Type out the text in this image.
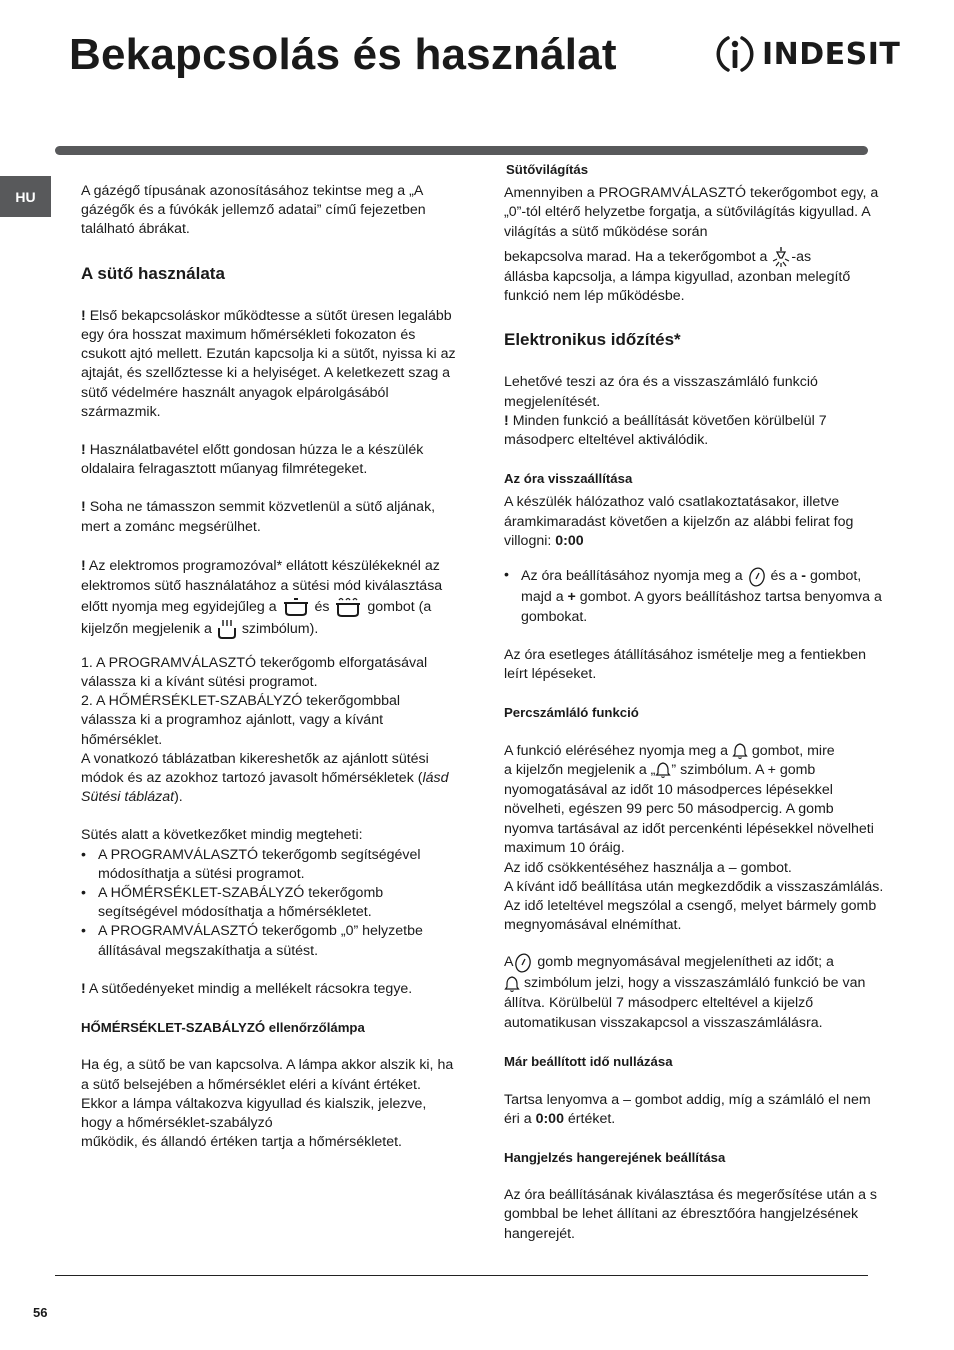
Bekapcsolás és használat	INDESIT
HU	A gázégő típusának azonosításához tekintse meg a „A gázégők és a fúvókák jellemző adatai” című fejezetben található ábrákat.

A sütő használata

! Első bekapcsoláskor működtesse a sütőt üresen legalább egy óra hosszat maximum hőmérsékleti fokozaton és csukott ajtó mellett. Ezután kapcsolja ki a sütőt, nyissa ki az ajtaját, és szellőztesse ki a helyiséget. A keletkezett szag a sütő védelmére használt anyagok elpárolgásából származmik.

! Használatbavétel előtt gondosan húzza le a készülék oldalaira felragasztott műanyag filmrétegeket.

! Soha ne támasszon semmit közvetlenül a sütő aljának, mert a zománc megsérülhet.

! Az elektromos programozóval* ellátott készülékeknél az elektromos sütő használatához a sütési mód kiválasztása előtt nyomja meg egyidejűleg a	és	gombot (a kijelzőn megjelenik a szimbólum).

1. A PROGRAMVÁLASZTÓ tekerőgomb elforgatásával válassza ki a kívánt sütési programot.

2. A HŐMÉRSÉKLET-SZABÁLYZÓ tekerőgombbal válassza ki a programhoz ajánlott, vagy a kívánt hőmérséklet.

A vonatkozó táblázatban kikereshetők az ajánlott sütési módok és az azokhoz tartozó javasolt hőmérsékletek (lásd Sütési táblázat).

Sütés alatt a következőket mindig megteheti:

• A PROGRAMVÁLASZTÓ tekerőgomb segítségével módosíthatja a sütési programot.
• A HŐMÉRSÉKLET-SZABÁLYZÓ tekerőgomb segítségével módosíthatja a hőmérsékletet.
• A PROGRAMVÁLASZTÓ tekerőgomb „0” helyzetbe állításával megszakíthatja a sütést.

! A sütőedényeket mindig a mellékelt rácsokra tegye.

HŐMÉRSÉKLET-SZABÁLYZÓ ellenőrzőlámpa

Ha ég, a sütő be van kapcsolva. A lámpa akkor alszik ki, ha a sütő belsejében a hőmérséklet eléri a kívánt értéket. Ekkor a lámpa váltakozva kigyullad és kialszik, jelezve, hogy a hőmérséklet-szabályzó

működik, és állandó értéken tartja a hőmérsékletet.

Sütővilágítás

Amennyiben a PROGRAMVÁLASZTÓ tekerőgombot egy, a „0”-tól eltérő helyzetbe forgatja, a sütővilágítás kigyullad. A világítás a sütő működése során

bekapcsolva marad. Ha a tekerőgombot a -as

állásba kapcsolja, a lámpa kigyullad, azonban melegítő funkció nem lép működésbe.

Elektronikus időzítés*

Lehetővé teszi az óra és a visszaszámláló funkció megjelenítését.

! Minden funkció a beállítását követően körülbelül 7 másodperc elteltével aktiválódik.

Az óra visszaállítása

A készülék hálózathoz való csatlakoztatásakor, illetve áramkimaradást követően a kijelzőn az alábbi felirat fog villogni: 0:00

• Az óra beállításához nyomja meg a és a - gombot, majd a + gombot. A gyors beállításhoz tartsa benyomva a gombokat.

Az óra esetleges átállításához ismételje meg a fentiekben leírt lépéseket.

Percszámláló funkció

A funkció eléréséhez nyomja meg a gombot, mire
a kijelzőn megjelenik a „ ” szimbólum. A + gomb nyomogatásával az időt 10 másodperces lépésekkel növelheti, egészen 99 perc 50 másodpercig. A gomb nyomva tartásával az időt percenkénti lépésekkel növelheti maximum 10 óráig.

Az idő csökkentéséhez használja a – gombot.

A kívánt idő beállítása után megkezdődik a visszaszámlálás. Az idő leteltével megszólal a csengő, melyet bármely gomb megnyomásával elnémíthat.

A gomb megnyomásával megjelenítheti az időt; a
szimbólum jelzi, hogy a visszaszámláló funkció be van állítva. Körülbelül 7 másodperc elteltével a kijelző automatikusan visszakapcsol a visszaszámlálásra.

Már beállított idő nullázása

Tartsa lenyomva a – gombot addig, míg a számláló el nem éri a 0:00 értéket.

Hangjelzés hangerejének beállítása

Az óra beállításának kiválasztása és megerősítése után a s gombbal be lehet állítani az ébresztőóra hangjelzésének hangerejét.

56
